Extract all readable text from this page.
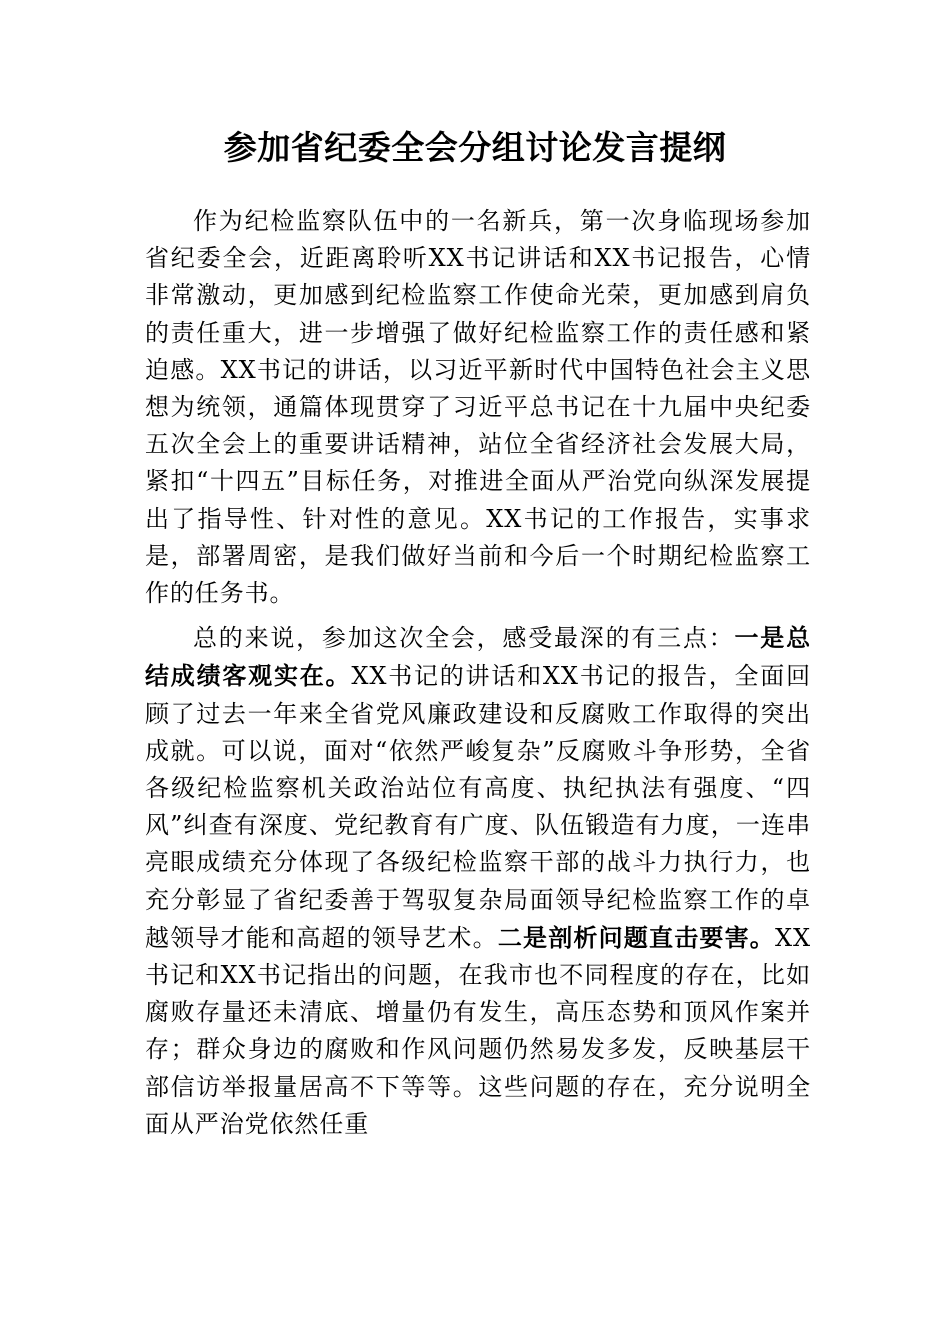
参加省纪委全会分组讨论发言提纲

作为纪检监察队伍中的一名新兵，第一次身临现场参加省纪委全会，近距离聆听XX书记讲话和XX书记报告，心情非常激动，更加感到纪检监察工作使命光荣，更加感到肩负的责任重大，进一步增强了做好纪检监察工作的责任感和紧迫感。XX书记的讲话，以习近平新时代中国特色社会主义思想为统领，通篇体现贯穿了习近平总书记在十九届中央纪委五次全会上的重要讲话精神，站位全省经济社会发展大局，紧扣“十四五”目标任务，对推进全面从严治党向纵深发展提出了指导性、针对性的意见。XX书记的工作报告，实事求是，部署周密，是我们做好当前和今后一个时期纪检监察工作的任务书。

总的来说，参加这次全会，感受最深的有三点：一是总结成绩客观实在。XX书记的讲话和XX书记的报告，全面回顾了过去一年来全省党风廉政建设和反腐败工作取得的突出成就。可以说，面对“依然严峻复杂”反腐败斗争形势，全省各级纪检监察机关政治站位有高度、执纪执法有强度、“四风”纠查有深度、党纪教育有广度、队伍锻造有力度，一连串亮眼成绩充分体现了各级纪检监察干部的战斗力执行力，也充分彰显了省纪委善于驾驭复杂局面领导纪检监察工作的卓越领导才能和高超的领导艺术。二是剖析问题直击要害。XX书记和XX书记指出的问题，在我市也不同程度的存在，比如腐败存量还未清底、增量仍有发生，高压态势和顶风作案并存；群众身边的腐败和作风问题仍然易发多发，反映基层干部信访举报量居高不下等等。这些问题的存在，充分说明全面从严治党依然任重
